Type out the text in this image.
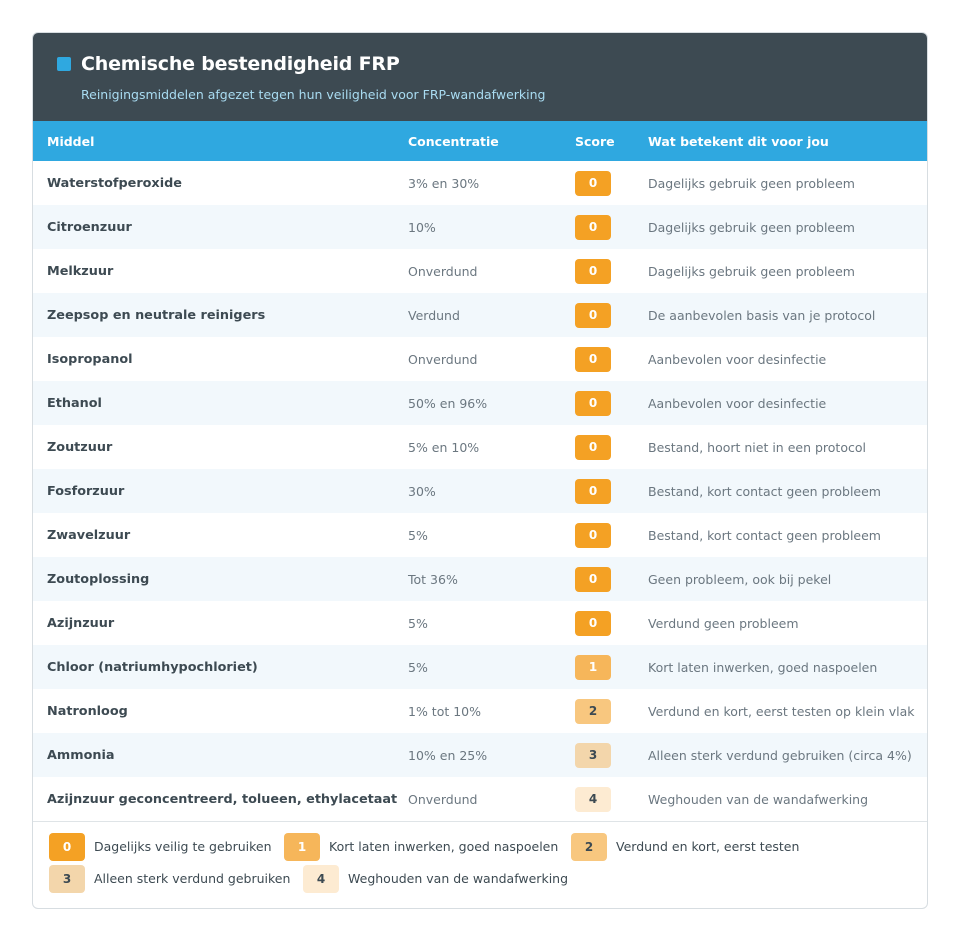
Chemische bestendigheid FRP
Reinigingsmiddelen afgezet tegen hun veiligheid voor FRP-wandafwerking
Middel	Concentratie	Score	Wat betekent dit voor jou
Waterstofperoxide	3% en 30%	0	Dagelijks gebruik geen probleem
Citroenzuur	10%	0	Dagelijks gebruik geen probleem
Melkzuur	Onverdund	0	Dagelijks gebruik geen probleem
Zeepsop en neutrale reinigers	Verdund	0	De aanbevolen basis van je protocol
Isopropanol	Onverdund	0	Aanbevolen voor desinfectie
Ethanol	50% en 96%	0	Aanbevolen voor desinfectie
Zoutzuur	5% en 10%	0	Bestand, hoort niet in een protocol
Fosforzuur	30%	0	Bestand, kort contact geen probleem
Zwavelzuur	5%	0	Bestand, kort contact geen probleem
Zoutoplossing	Tot 36%	0	Geen probleem, ook bij pekel
Azijnzuur	5%	0	Verdund geen probleem
Chloor (natriumhypochloriet)	5%	1	Kort laten inwerken, goed naspoelen
Natronloog	1% tot 10%	2	Verdund en kort, eerst testen op klein vlak
Ammonia	10% en 25%	3	Alleen sterk verdund gebruiken (circa 4%)
Azijnzuur geconcentreerd, tolueen, ethylacetaat	Onverdund	4	Weghouden van de wandafwerking
0	Dagelijks veilig te gebruiken	1	Kort laten inwerken, goed naspoelen	2	Verdund en kort, eerst testen
3	Alleen sterk verdund gebruiken	4	Weghouden van de wandafwerking
